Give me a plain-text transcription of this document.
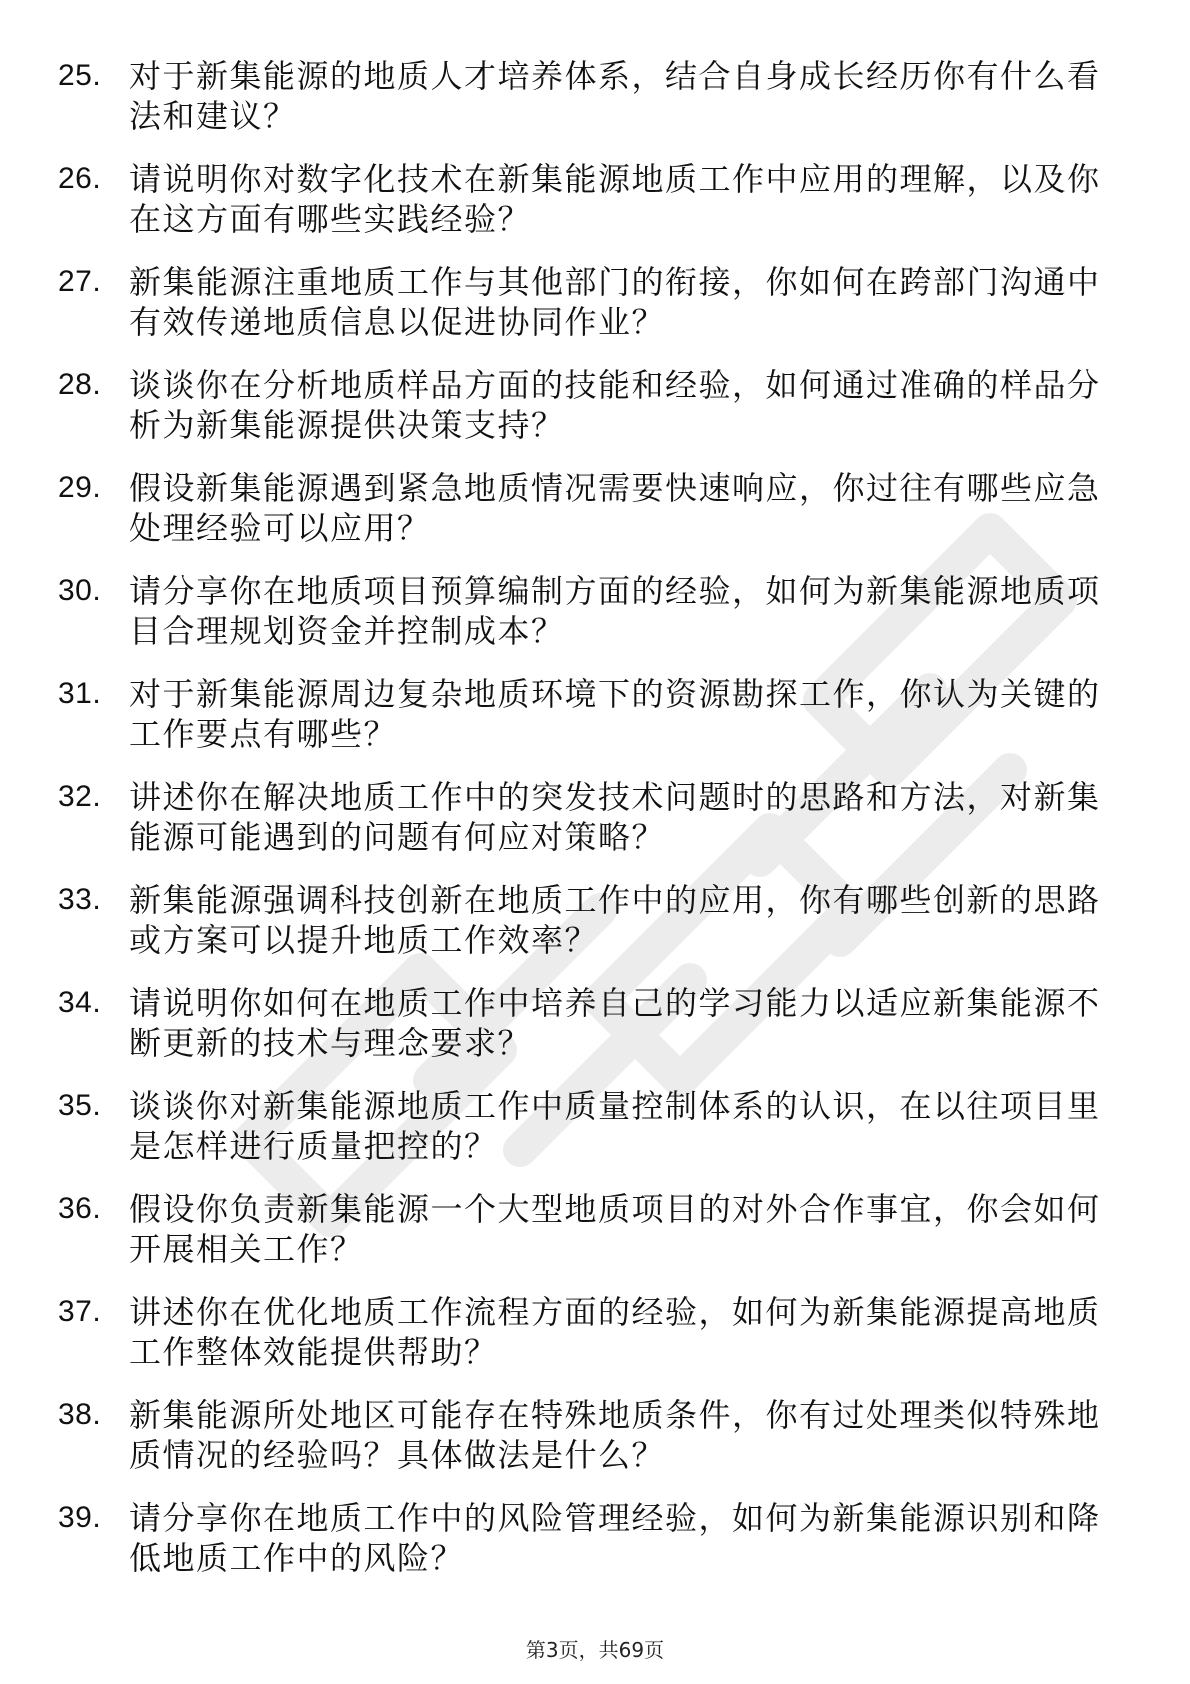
25. 对于新集能源的地质人才培养体系，结合自身成长经历你有什么看法和建议？
26. 请说明你对数字化技术在新集能源地质工作中应用的理解，以及你在这方面有哪些实践经验？
27. 新集能源注重地质工作与其他部门的衔接，你如何在跨部门沟通中有效传递地质信息以促进协同作业？
28. 谈谈你在分析地质样品方面的技能和经验，如何通过准确的样品分析为新集能源提供决策支持？
29. 假设新集能源遇到紧急地质情况需要快速响应，你过往有哪些应急处理经验可以应用？
30. 请分享你在地质项目预算编制方面的经验，如何为新集能源地质项目合理规划资金并控制成本？
31. 对于新集能源周边复杂地质环境下的资源勘探工作，你认为关键的工作要点有哪些？
32. 讲述你在解决地质工作中的突发技术问题时的思路和方法，对新集能源可能遇到的问题有何应对策略？
33. 新集能源强调科技创新在地质工作中的应用，你有哪些创新的思路或方案可以提升地质工作效率？
34. 请说明你如何在地质工作中培养自己的学习能力以适应新集能源不断更新的技术与理念要求？
35. 谈谈你对新集能源地质工作中质量控制体系的认识，在以往项目里是怎样进行质量把控的？
36. 假设你负责新集能源一个大型地质项目的对外合作事宜，你会如何开展相关工作？
37. 讲述你在优化地质工作流程方面的经验，如何为新集能源提高地质工作整体效能提供帮助？
38. 新集能源所处地区可能存在特殊地质条件，你有过处理类似特殊地质情况的经验吗？具体做法是什么？
39. 请分享你在地质工作中的风险管理经验，如何为新集能源识别和降低地质工作中的风险？
第3页，共69页
